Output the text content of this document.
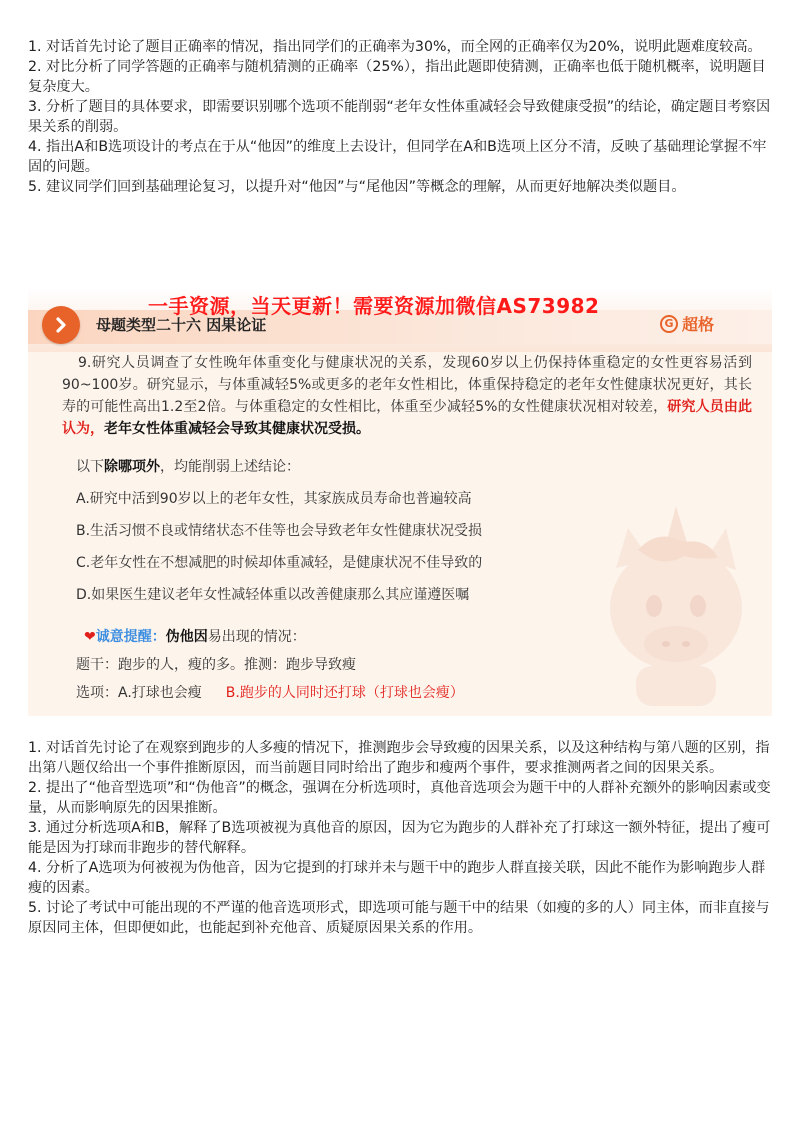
1. 对话首先讨论了题目正确率的情况，指出同学们的正确率为30%，而全网的正确率仅为20%，说明此题难度较高。

2. 对比分析了同学答题的正确率与随机猜测的正确率（25%），指出此题即使猜测，正确率也低于随机概率，说明题目复杂度大。

3. 分析了题目的具体要求，即需要识别哪个选项不能削弱“老年女性体重减轻会导致健康受损”的结论，确定题目考察因果关系的削弱。

4. 指出A和B选项设计的考点在于从“他因”的维度上去设计，但同学在A和B选项上区分不清，反映了基础理论掌握不牢固的问题。

5. 建议同学们回到基础理论复习，以提升对“他因”与“尾他因”等概念的理解，从而更好地解决类似题目。

母题类型二十六 因果论证
一手资源，当天更新！需要资源加微信AS73982
G 超格
9.研究人员调查了女性晚年体重变化与健康状况的关系，发现60岁以上仍保持体重稳定的女性更容易活到90~100岁。研究显示，与体重减轻5%或更多的老年女性相比，体重保持稳定的老年女性健康状况更好，其长寿的可能性高出1.2至2倍。与体重稳定的女性相比，体重至少减轻5%的女性健康状况相对较差，研究人员由此认为，老年女性体重减轻会导致其健康状况受损。
以下除哪项外，均能削弱上述结论：
A.研究中活到90岁以上的老年女性，其家族成员寿命也普遍较高
B.生活习惯不良或情绪状态不佳等也会导致老年女性健康状况受损
C.老年女性在不想减肥的时候却体重减轻，是健康状况不佳导致的
D.如果医生建议老年女性减轻体重以改善健康那么其应谨遵医嘱
❤诚意提醒：伪他因易出现的情况：
题干：跑步的人，瘦的多。推测：跑步导致瘦
选项：A.打球也会瘦 B.跑步的人同时还打球（打球也会瘦）

1. 对话首先讨论了在观察到跑步的人多瘦的情况下，推测跑步会导致瘦的因果关系，以及这种结构与第八题的区别，指出第八题仅给出一个事件推断原因，而当前题目同时给出了跑步和瘦两个事件，要求推测两者之间的因果关系。

2. 提出了“他音型选项”和“伪他音”的概念，强调在分析选项时，真他音选项会为题干中的人群补充额外的影响因素或变量，从而影响原先的因果推断。

3. 通过分析选项A和B，解释了B选项被视为真他音的原因，因为它为跑步的人群补充了打球这一额外特征，提出了瘦可能是因为打球而非跑步的替代解释。

4. 分析了A选项为何被视为伪他音，因为它提到的打球并未与题干中的跑步人群直接关联，因此不能作为影响跑步人群瘦的因素。

5. 讨论了考试中可能出现的不严谨的他音选项形式，即选项可能与题干中的结果（如瘦的多的人）同主体，而非直接与原因同主体，但即便如此，也能起到补充他音、质疑原因果关系的作用。
